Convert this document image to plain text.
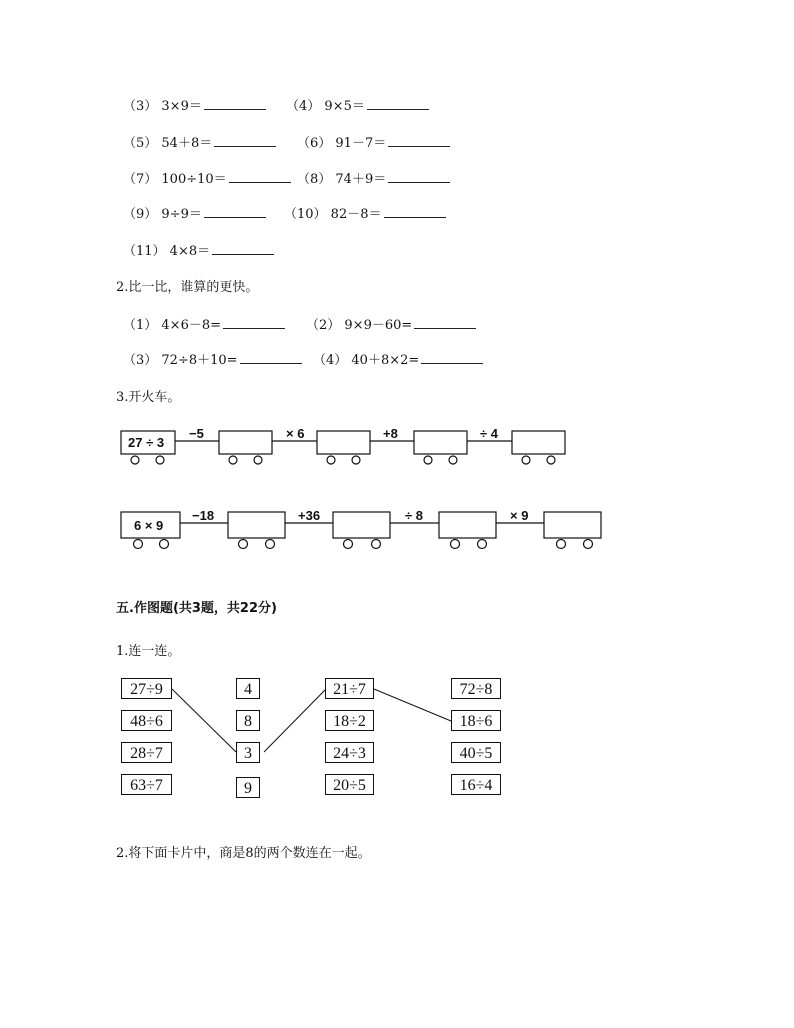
（3） 3×9＝	（4） 9×5＝
（5） 54＋8＝	（6） 91－7＝
（7） 100÷10＝	（8） 74＋9＝
（9） 9÷9＝	（10） 82－8＝
（11） 4×8＝
2.比一比，谁算的更快。
（1） 4×6－8=	（2） 9×9－60=
（3） 72÷8＋10=	（4） 40＋8×2=
3.开火车。
27 ÷ 3
−5	× 6	+8	÷ 4
6 × 9
−18	+36	÷ 8	× 9
五.作图题(共3题，共22分)
1.连一连。
27÷9
48÷6
28÷7
63÷7
4
8
3
9
21÷7
18÷2
24÷3
20÷5
72÷8
18÷6
40÷5
16÷4
2.将下面卡片中，商是8的两个数连在一起。
